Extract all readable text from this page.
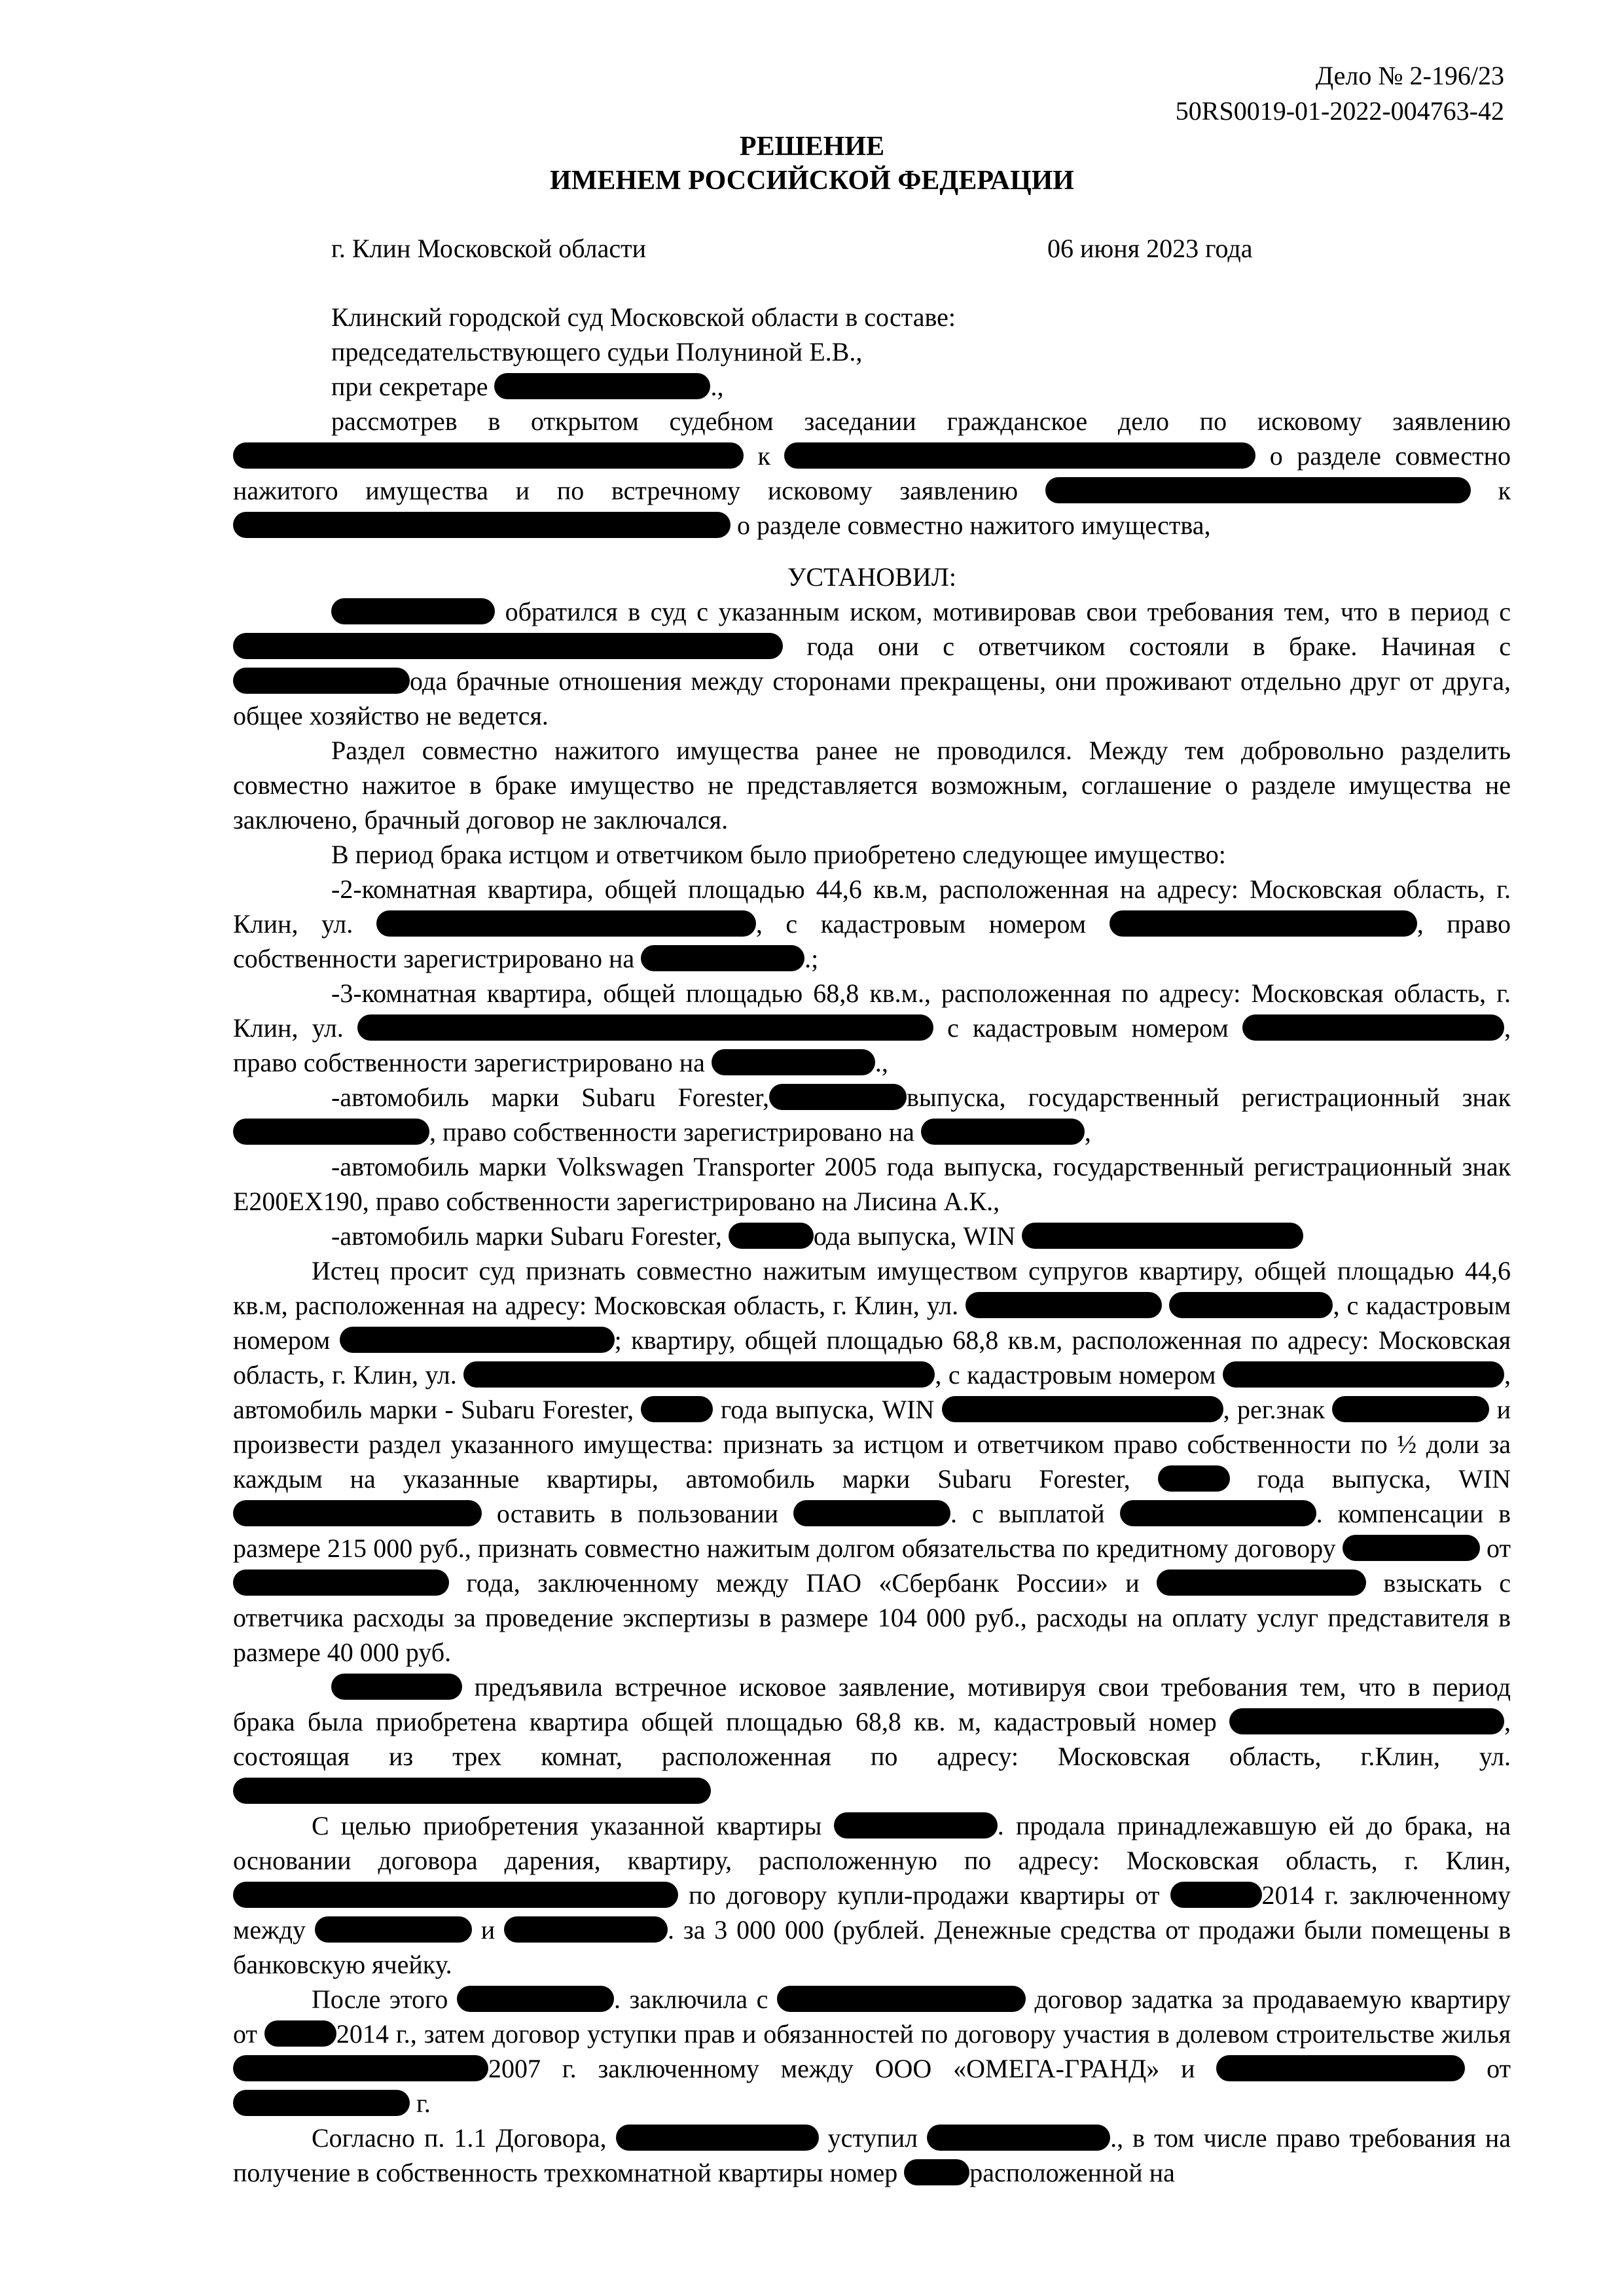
Дело № 2-196/23
50RS0019-01-2022-004763-42
РЕШЕНИЕ
ИМЕНЕМ РОССИЙСКОЙ ФЕДЕРАЦИИ
г. Клин Московской области	06 июня 2023 года

Клинский городской суд Московской области в составе:

председательствующего судьи Полуниной Е.В.,

при секретаре	.,

рассмотрев в открытом судебном заседании гражданское дело по исковому заявлению  к	о разделе совместно нажитого имущества и по встречному исковому заявлению	к  о разделе совместно нажитого имущества,

УСТАНОВИЛ:

обратился в суд с указанным иском, мотивировав свои требования тем, что в период с  года они с ответчиком состояли в браке. Начиная с ода брачные отношения между сторонами прекращены, они проживают отдельно друг от друга, общее хозяйство не ведется.

Раздел совместно нажитого имущества ранее не проводился. Между тем добровольно разделить совместно нажитое в браке имущество не представляется возможным, соглашение о разделе имущества не заключено, брачный договор не заключался.

В период брака истцом и ответчиком было приобретено следующее имущество:

-2-комнатная квартира, общей площадью 44,6 кв.м, расположенная на адресу: Московская область, г. Клин, ул.	, с кадастровым номером	, право собственности зарегистрировано на	.;

-3-комнатная квартира, общей площадью 68,8 кв.м., расположенная по адресу: Московская область, г. Клин, ул.	с кадастровым номером	, право собственности зарегистрировано на	.,

-автомобиль марки Subaru Forester,	выпуска, государственный регистрационный знак , право собственности зарегистрировано на	,

-автомобиль марки Volkswagen Transporter 2005 года выпуска, государственный регистрационный знак Е200ЕХ190, право собственности зарегистрировано на Лисина А.К.,

-автомобиль марки Subaru Forester,	ода выпуска, WIN

Истец просит суд признать совместно нажитым имуществом супругов квартиру, общей площадью 44,6 кв.м, расположенная на адресу: Московская область, г. Клин, ул.	, с кадастровым номером	; квартиру, общей площадью 68,8 кв.м, расположенная по адресу: Московская область, г. Клин, ул.	, с кадастровым номером	, автомобиль марки - Subaru Forester,	года выпуска, WIN	, рег.знак	и произвести раздел указанного имущества: признать за истцом и ответчиком право собственности по ½ доли за каждым на указанные квартиры, автомобиль марки Subaru Forester,	года выпуска, WIN  оставить в пользовании	. с выплатой	. компенсации в размере 215 000 руб., признать совместно нажитым долгом обязательства по кредитному договору	от  года, заключенному между ПАО «Сбербанк России» и	взыскать с ответчика расходы за проведение экспертизы в размере 104 000 руб., расходы на оплату услуг представителя в размере 40 000 руб.

предъявила встречное исковое заявление, мотивируя свои требования тем, что в период брака была приобретена квартира общей площадью 68,8 кв. м, кадастровый номер	, состоящая из трех комнат, расположенная по адресу: Московская область, г.Клин, ул.

С целью приобретения указанной квартиры	. продала принадлежавшую ей до брака, на основании договора дарения, квартиру, расположенную по адресу: Московская область, г. Клин,  по договору купли-продажи квартиры от	2014 г. заключенному между	и	. за 3 000 000 (рублей. Денежные средства от продажи были помещены в банковскую ячейку.

После этого	. заключила с	договор задатка за продаваемую квартиру от	2014 г., затем договор уступки прав и обязанностей по договору участия в долевом строительстве жилья 2007 г. заключенному между ООО «ОМЕГА-ГРАНД» и	от  г.

Согласно п. 1.1 Договора,	уступил	., в том числе право требования на получение в собственность трехкомнатной квартиры номер	расположенной на
